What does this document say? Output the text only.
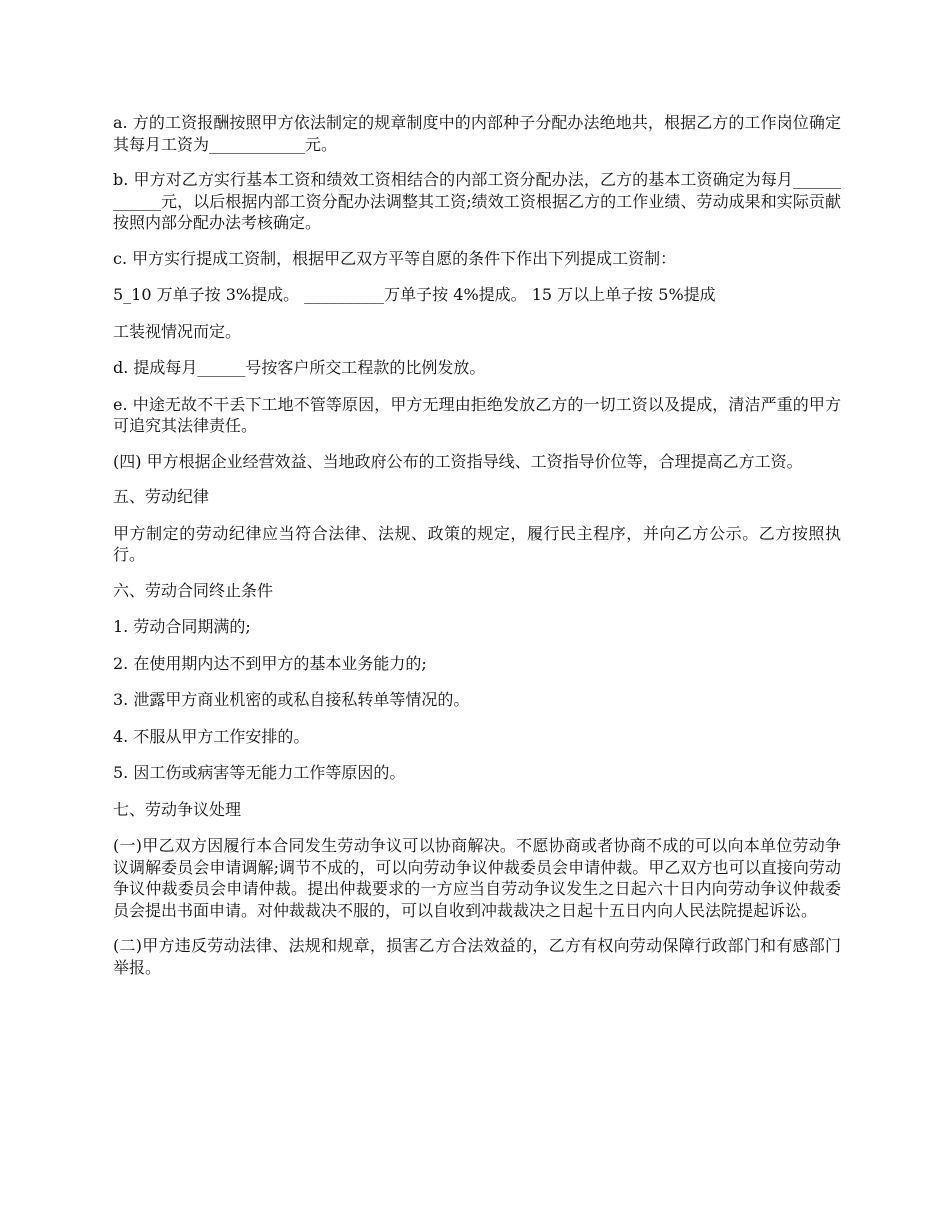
a. 方的工资报酬按照甲方依法制定的规章制度中的内部种子分配办法绝地共，根据乙方的工作岗位确定其每月工资为____________元。

b. 甲方对乙方实行基本工资和绩效工资相结合的内部工资分配办法，乙方的基本工资确定为每月____________元，以后根据内部工资分配办法调整其工资;绩效工资根据乙方的工作业绩、劳动成果和实际贡献按照内部分配办法考核确定。

c. 甲方实行提成工资制，根据甲乙双方平等自愿的条件下作出下列提成工资制：

5_10 万单子按 3%提成。 __________万单子按 4%提成。 15 万以上单子按 5%提成

工装视情况而定。

d. 提成每月______号按客户所交工程款的比例发放。

e. 中途无故不干丢下工地不管等原因，甲方无理由拒绝发放乙方的一切工资以及提成，清洁严重的甲方可追究其法律责任。

(四) 甲方根据企业经营效益、当地政府公布的工资指导线、工资指导价位等，合理提高乙方工资。

五、劳动纪律

甲方制定的劳动纪律应当符合法律、法规、政策的规定，履行民主程序，并向乙方公示。乙方按照执行。

六、劳动合同终止条件

1. 劳动合同期满的;

2. 在使用期内达不到甲方的基本业务能力的;

3. 泄露甲方商业机密的或私自接私转单等情况的。

4. 不服从甲方工作安排的。

5. 因工伤或病害等无能力工作等原因的。

七、劳动争议处理

(一)甲乙双方因履行本合同发生劳动争议可以协商解决。不愿协商或者协商不成的可以向本单位劳动争议调解委员会申请调解;调节不成的，可以向劳动争议仲裁委员会申请仲裁。甲乙双方也可以直接向劳动争议仲裁委员会申请仲裁。提出仲裁要求的一方应当自劳动争议发生之日起六十日内向劳动争议仲裁委员会提出书面申请。对仲裁裁决不服的，可以自收到冲裁裁决之日起十五日内向人民法院提起诉讼。

(二)甲方违反劳动法律、法规和规章，损害乙方合法效益的，乙方有权向劳动保障行政部门和有感部门举报。
